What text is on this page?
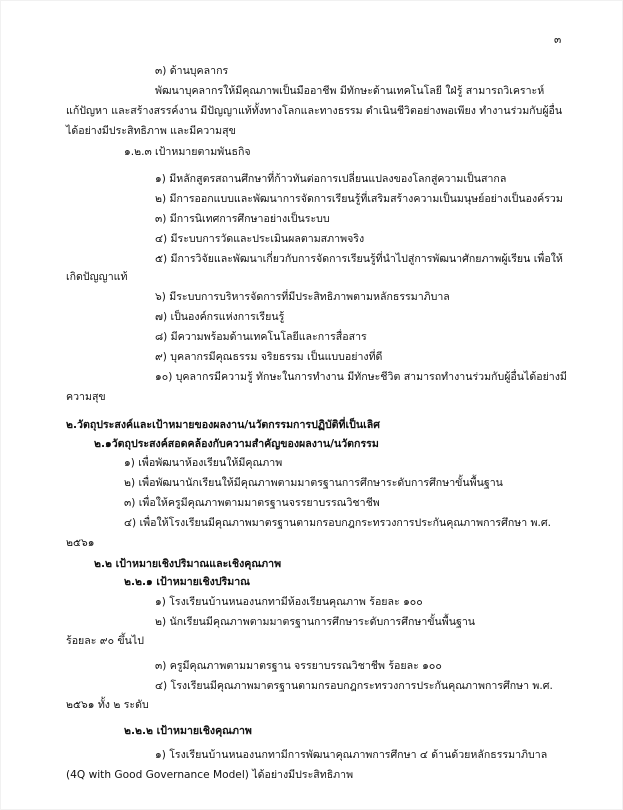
๓
๓) ด้านบุคลากร
พัฒนาบุคลากรให้มีคุณภาพเป็นมืออาชีพ มีทักษะด้านเทคโนโลยี ใฝ่รู้ สามารถวิเคราะห์
แก้ปัญหา และสร้างสรรค์งาน มีปัญญาแท้ทั้งทางโลกและทางธรรม ดำเนินชีวิตอย่างพอเพียง ทำงานร่วมกับผู้อื่น
ได้อย่างมีประสิทธิภาพ และมีความสุข
๑.๒.๓ เป้าหมายตามพันธกิจ
๑) มีหลักสูตรสถานศึกษาที่ก้าวทันต่อการเปลี่ยนแปลงของโลกสู่ความเป็นสากล
๒) มีการออกแบบและพัฒนาการจัดการเรียนรู้ที่เสริมสร้างความเป็นมนุษย์อย่างเป็นองค์รวม
๓) มีการนิเทศการศึกษาอย่างเป็นระบบ
๔) มีระบบการวัดและประเมินผลตามสภาพจริง
๕) มีการวิจัยและพัฒนาเกี่ยวกับการจัดการเรียนรู้ที่นำไปสู่การพัฒนาศักยภาพผู้เรียน เพื่อให้
เกิดปัญญาแท้
๖) มีระบบการบริหารจัดการที่มีประสิทธิภาพตามหลักธรรมาภิบาล
๗) เป็นองค์กรแห่งการเรียนรู้
๘) มีความพร้อมด้านเทคโนโลยีและการสื่อสาร
๙) บุคลากรมีคุณธรรม จริยธรรม เป็นแบบอย่างที่ดี
๑๐) บุคลากรมีความรู้ ทักษะในการทำงาน มีทักษะชีวิต สามารถทำงานร่วมกับผู้อื่นได้อย่างมี
ความสุข
๒.วัตถุประสงค์และเป้าหมายของผลงาน/นวัตกรรมการปฏิบัติที่เป็นเลิศ
๒.๑วัตถุประสงค์สอดคล้องกับความสำคัญของผลงาน/นวัตกรรม
๑) เพื่อพัฒนาห้องเรียนให้มีคุณภาพ
๒) เพื่อพัฒนานักเรียนให้มีคุณภาพตามมาตรฐานการศึกษาระดับการศึกษาขั้นพื้นฐาน
๓) เพื่อให้ครูมีคุณภาพตามมาตรฐานจรรยาบรรณวิชาชีพ
๔) เพื่อให้โรงเรียนมีคุณภาพมาตรฐานตามกรอบกฎกระทรวงการประกันคุณภาพการศึกษา พ.ศ.
๒๕๖๑
๒.๒ เป้าหมายเชิงปริมาณและเชิงคุณภาพ
๒.๒.๑ เป้าหมายเชิงปริมาณ
๑) โรงเรียนบ้านหนองนกทามีห้องเรียนคุณภาพ ร้อยละ ๑๐๐
๒) นักเรียนมีคุณภาพตามมาตรฐานการศึกษาระดับการศึกษาขั้นพื้นฐาน
ร้อยละ ๙๐ ขึ้นไป
๓) ครูมีคุณภาพตามมาตรฐาน จรรยาบรรณวิชาชีพ ร้อยละ ๑๐๐
๔) โรงเรียนมีคุณภาพมาตรฐานตามกรอบกฎกระทรวงการประกันคุณภาพการศึกษา พ.ศ.
๒๕๖๑ ทั้ง ๒ ระดับ
๒.๒.๒ เป้าหมายเชิงคุณภาพ
๑) โรงเรียนบ้านหนองนกทามีการพัฒนาคุณภาพการศึกษา ๔ ด้านด้วยหลักธรรมาภิบาล
(4Q with Good Governance Model) ได้อย่างมีประสิทธิภาพ
